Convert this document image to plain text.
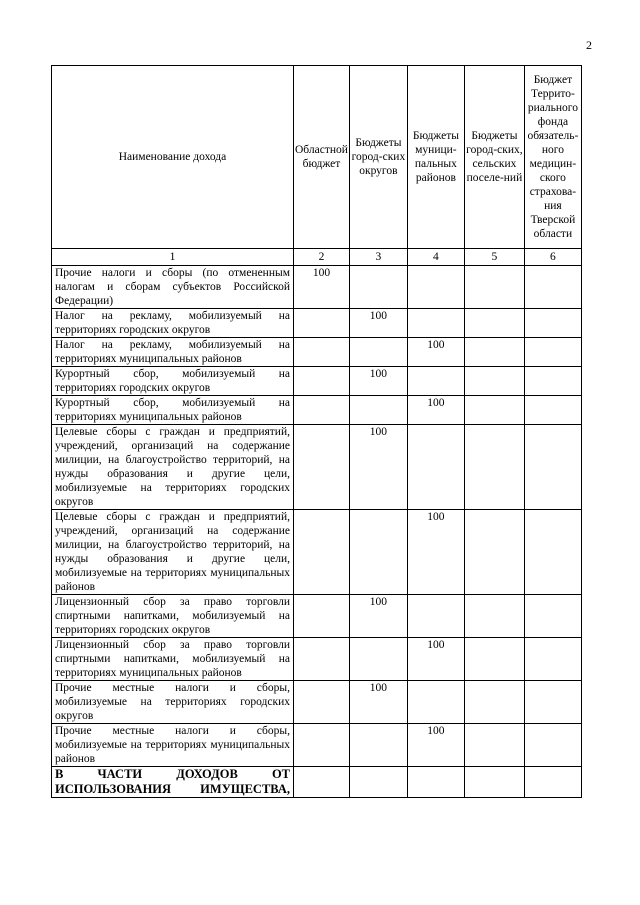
2
Наименование дохода	Областной бюджет	Бюджеты город-ских округов	Бюджеты муници-пальных районов	Бюджеты город-ских, сельских поселе-ний	Бюджет Террито-риального фонда обязатель-ного медицин-ского страхова-ния Тверской области
1	2	3	4	5	6
Прочие налоги и сборы (по отмененным налогам и сборам субъектов Российской Федерации)	100				
Налог на рекламу, мобилизуемый на территориях городских округов		100			
Налог на рекламу, мобилизуемый на территориях муниципальных районов			100		
Курортный сбор, мобилизуемый на территориях городских округов		100			
Курортный сбор, мобилизуемый на территориях муниципальных районов			100		
Целевые сборы с граждан и предприятий, учреждений, организаций на содержание милиции, на благоустройство территорий, на нужды образования и другие цели, мобилизуемые на территориях городских округов		100			
Целевые сборы с граждан и предприятий, учреждений, организаций на содержание милиции, на благоустройство территорий, на нужды образования и другие цели, мобилизуемые на территориях муниципальных районов			100		
Лицензионный сбор за право торговли спиртными напитками, мобилизуемый на территориях городских округов		100			
Лицензионный сбор за право торговли спиртными напитками, мобилизуемый на территориях муниципальных районов			100		
Прочие местные налоги и сборы, мобилизуемые на территориях городских округов		100			
Прочие местные налоги и сборы, мобилизуемые на территориях муниципальных районов			100		
В ЧАСТИ ДОХОДОВ ОТ ИСПОЛЬЗОВАНИЯ ИМУЩЕСТВА,					
